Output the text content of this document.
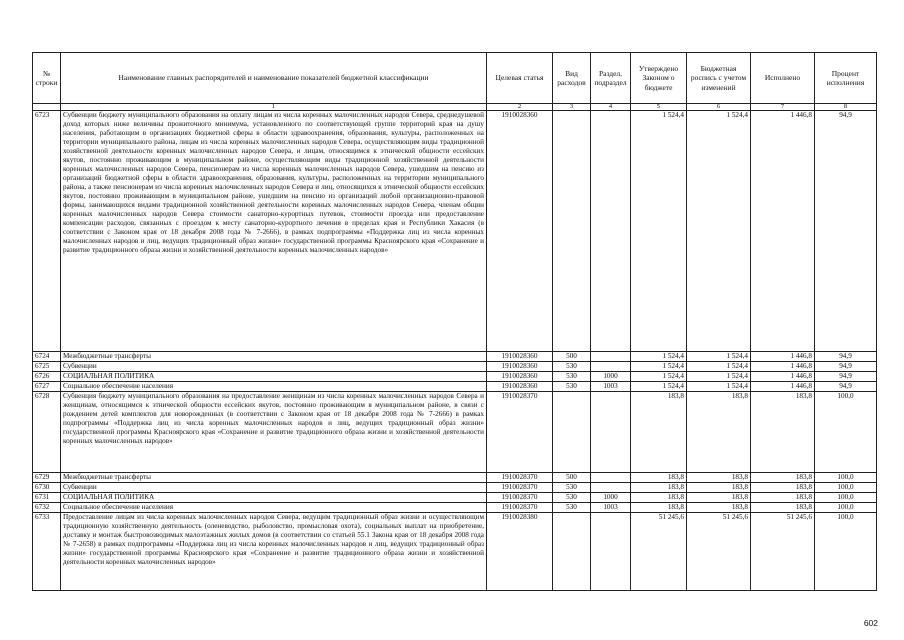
№ строки	Наименование главных распорядителей и наименование показателей бюджетной классификации	Целевая статья	Вид расходов	Раздел, подраздел	Утверждено Законом о бюджете	Бюджетная роспись с учетом изменений	Исполнено	Процент исполнения
	1	2	3	4	5	6	7	8
6723	Субвенции бюджету муниципального образования на оплату лицам из числа коренных малочисленных народов Севера, среднедушевой доход которых ниже величины прожиточного минимума, установленного по соответствующей группе территорий края на душу населения, работающим в организациях бюджетной сферы в области здравоохранения, образования, культуры, расположенных на территории муниципального района, лицам из числа коренных малочисленных народов Севера, осуществляющим виды традиционной хозяйственной деятельности коренных малочисленных народов Севера, и лицам, относящимся к этнической общности ессейских якутов, постоянно проживающим в муниципальном районе, осуществляющим виды традиционной хозяйственной деятельности коренных малочисленных народов Севера, пенсионерам из числа коренных малочисленных народов Севера, ушедшим на пенсию из организаций бюджетной сферы в области здравоохранения, образования, культуры, расположенных на территории муниципального района, а также пенсионерам из числа коренных малочисленных народов Севера и лиц, относящихся к этнической общности ессейских якутов, постоянно проживающим в муниципальном районе, ушедшим на пенсию из организаций любой организационно-правовой формы, занимающихся видами традиционной хозяйственной деятельности коренных малочисленных народов Севера, членам общин коренных малочисленных народов Севера стоимости санаторно-курортных путевок, стоимости проезда или предоставление компенсации расходов, связанных с проездом к месту санаторно-курортного лечения в пределах края и Республики Хакасия (в соответствии с Законом края от 18 декабря 2008 года № 7-2666), в рамках подпрограммы «Поддержка лиц из числа коренных малочисленных народов и лиц, ведущих традиционный образ жизни» государственной программы Красноярского края «Сохранение и развитие традиционного образа жизни и хозяйственной деятельности коренных малочисленных народов»	1910028360			1 524,4	1 524,4	1 446,8	94,9
6724	Межбюджетные трансферты	1910028360	500		1 524,4	1 524,4	1 446,8	94,9
6725	Субвенции	1910028360	530		1 524,4	1 524,4	1 446,8	94,9
6726	СОЦИАЛЬНАЯ ПОЛИТИКА	1910028360	530	1000	1 524,4	1 524,4	1 446,8	94,9
6727	Социальное обеспечение населения	1910028360	530	1003	1 524,4	1 524,4	1 446,8	94,9
6728	Субвенция бюджету муниципального образования на предоставление женщинам из числа коренных малочисленных народов Севера и женщинам, относящимся к этнической общности ессейских якутов, постоянно проживающим в муниципальном районе, в связи с рождением детей комплектов для новорожденных (в соответствии с Законом края от 18 декабря 2008 года № 7-2666) в рамках подпрограммы «Поддержка лиц из числа коренных малочисленных народов и лиц, ведущих традиционный образ жизни» государственной программы Красноярского края «Сохранение и развитие традиционного образа жизни и хозяйственной деятельности коренных малочисленных народов»	1910028370			183,8	183,8	183,8	100,0
6729	Межбюджетные трансферты	1910028370	500		183,8	183,8	183,8	100,0
6730	Субвенции	1910028370	530		183,8	183,8	183,8	100,0
6731	СОЦИАЛЬНАЯ ПОЛИТИКА	1910028370	530	1000	183,8	183,8	183,8	100,0
6732	Социальное обеспечение населения	1910028370	530	1003	183,8	183,8	183,8	100,0
6733	Предоставление лицам из числа коренных малочисленных народов Севера, ведущим традиционный образ жизни и осуществляющим традиционную хозяйственную деятельность (оленеводство, рыболовство, промысловая охота), социальных выплат на приобретение, доставку и монтаж быстровозводимых малоэтажных жилых домов (в соответствии со статьей 55.1 Закона края от 18 декабря 2008 года № 7-2658) в рамках подпрограммы «Поддержка лиц из числа коренных малочисленных народов и лиц, ведущих традиционный образ жизни» государственной программы Красноярского края «Сохранение и развитие традиционного образа жизни и хозяйственной деятельности коренных малочисленных народов»	1910028380			51 245,6	51 245,6	51 245,6	100,0
602
